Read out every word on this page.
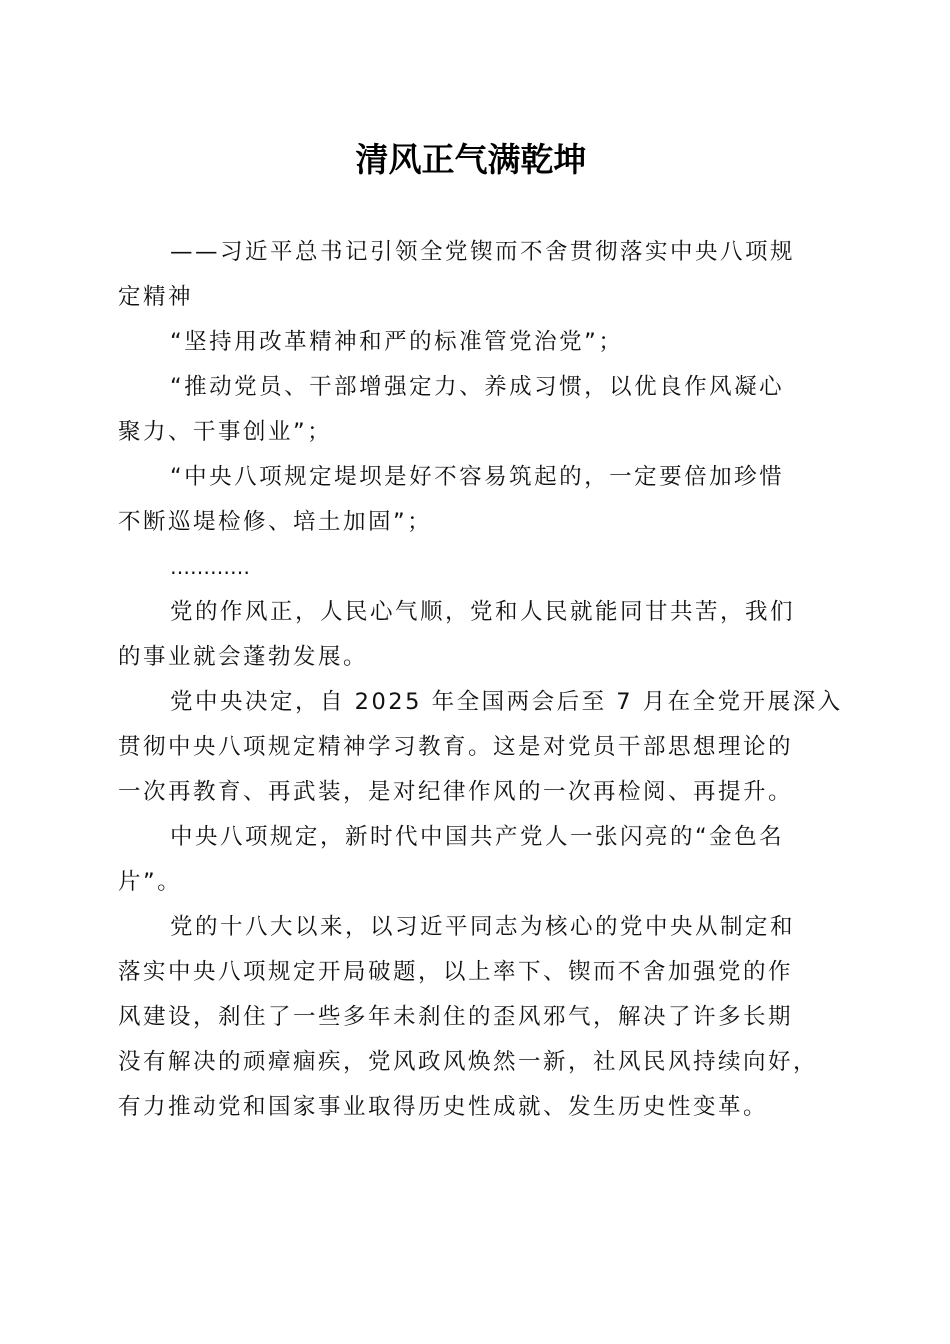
清风正气满乾坤
——习近平总书记引领全党锲而不舍贯彻落实中央八项规
定精神
“坚持用改革精神和严的标准管党治党”；
“推动党员、干部增强定力、养成习惯，以优良作风凝心
聚力、干事创业”；
“中央八项规定堤坝是好不容易筑起的，一定要倍加珍惜
不断巡堤检修、培土加固”；
…………
党的作风正，人民心气顺，党和人民就能同甘共苦，我们
的事业就会蓬勃发展。
党中央决定，自 2025 年全国两会后至 7 月在全党开展深入
贯彻中央八项规定精神学习教育。这是对党员干部思想理论的
一次再教育、再武装，是对纪律作风的一次再检阅、再提升。
中央八项规定，新时代中国共产党人一张闪亮的“金色名
片”。
党的十八大以来，以习近平同志为核心的党中央从制定和
落实中央八项规定开局破题，以上率下、锲而不舍加强党的作
风建设，刹住了一些多年未刹住的歪风邪气，解决了许多长期
没有解决的顽瘴痼疾，党风政风焕然一新，社风民风持续向好，
有力推动党和国家事业取得历史性成就、发生历史性变革。
